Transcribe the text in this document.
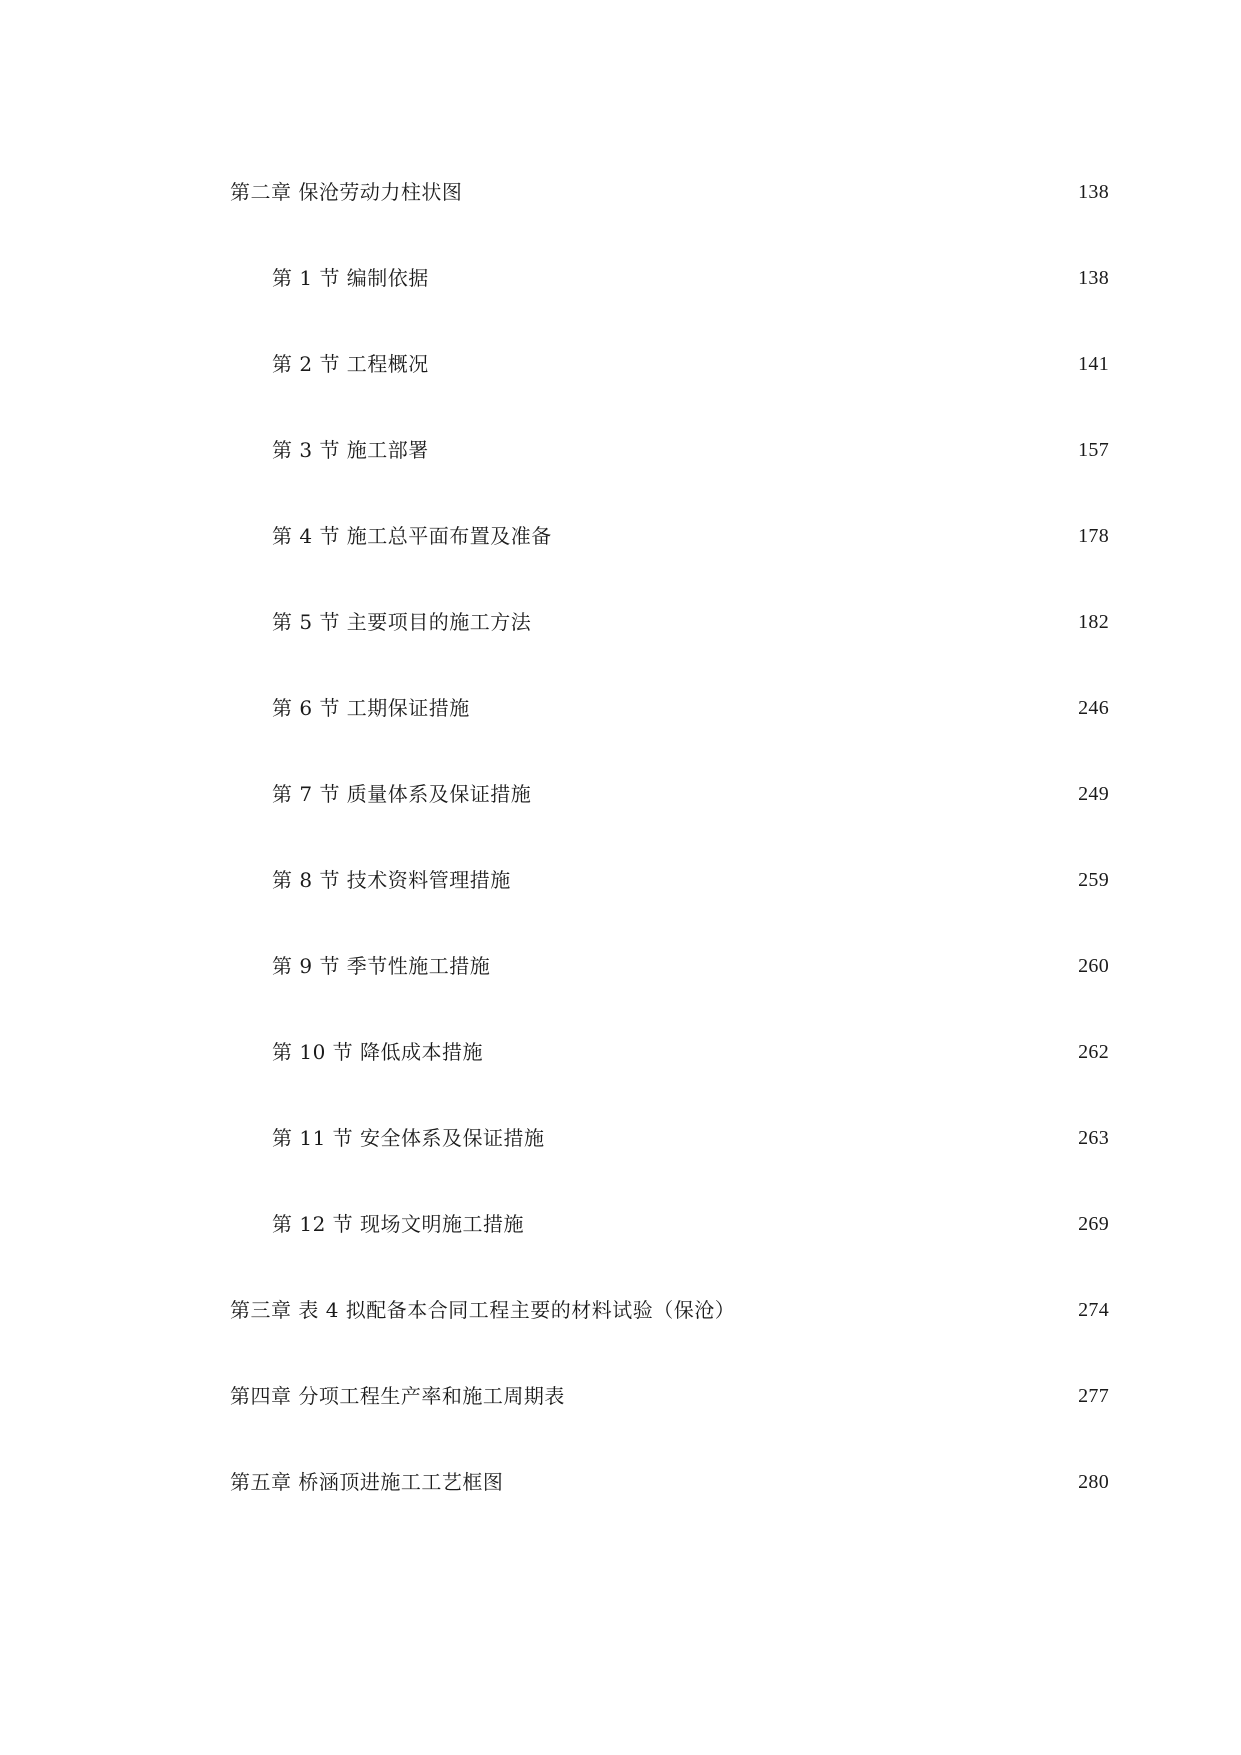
第二章 保沧劳动力柱状图	138
第 1 节 编制依据	138
第 2 节 工程概况	141
第 3 节 施工部署	157
第 4 节 施工总平面布置及准备	178
第 5 节 主要项目的施工方法	182
第 6 节 工期保证措施	246
第 7 节 质量体系及保证措施	249
第 8 节 技术资料管理措施	259
第 9 节 季节性施工措施	260
第 10 节 降低成本措施	262
第 11 节 安全体系及保证措施	263
第 12 节 现场文明施工措施	269
第三章 表 4 拟配备本合同工程主要的材料试验（保沧）	274
第四章 分项工程生产率和施工周期表	277
第五章 桥涵顶进施工工艺框图	280
